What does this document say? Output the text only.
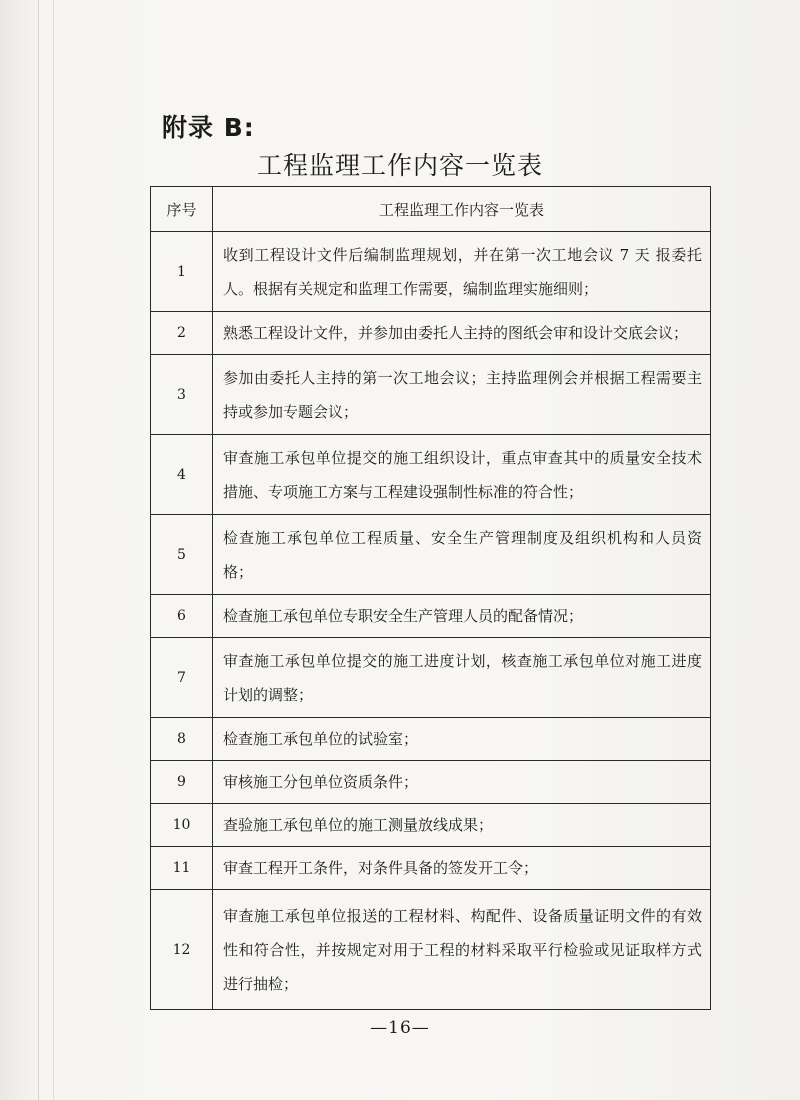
附录 B:
工程监理工作内容一览表
序号	工程监理工作内容一览表
1	收到工程设计文件后编制监理规划，并在第一次工地会议 7 天 报委托人。根据有关规定和监理工作需要，编制监理实施细则；
2	熟悉工程设计文件，并参加由委托人主持的图纸会审和设计交底会议；
3	参加由委托人主持的第一次工地会议；主持监理例会并根据工程需要主持或参加专题会议；
4	审查施工承包单位提交的施工组织设计，重点审查其中的质量安全技术措施、专项施工方案与工程建设强制性标准的符合性；
5	检查施工承包单位工程质量、安全生产管理制度及组织机构和人员资格；
6	检查施工承包单位专职安全生产管理人员的配备情况；
7	审查施工承包单位提交的施工进度计划，核查施工承包单位对施工进度计划的调整；
8	检查施工承包单位的试验室；
9	审核施工分包单位资质条件；
10	查验施工承包单位的施工测量放线成果；
11	审查工程开工条件，对条件具备的签发开工令；
12	审查施工承包单位报送的工程材料、构配件、设备质量证明文件的有效性和符合性，并按规定对用于工程的材料采取平行检验或见证取样方式进行抽检；
—16—
